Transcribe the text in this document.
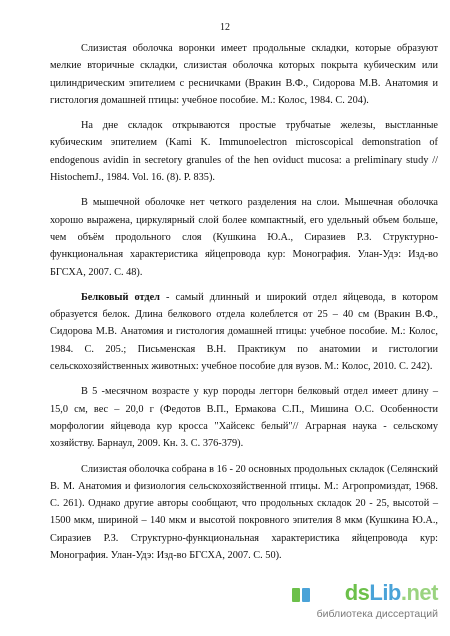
12

Слизистая оболочка воронки имеет продольные складки, которые образуют мелкие вторичные складки, слизистая оболочка которых покрыта кубическим или цилиндрическим эпителием с ресничками (Вракин В.Ф., Сидорова М.В. Анатомия и гистология домашней птицы: учебное пособие. М.: Колос, 1984. С. 204).

На дне складок открываются простые трубчатые железы, выстланные кубическим эпителием (Kami K. Immunoelectron microscopical demonstration of endogenous avidin in secretory granules of the hen oviduct mucosa: a preliminary study // HistochemJ., 1984. Vol. 16. (8). P. 835).

В мышечной оболочке нет четкого разделения на слои. Мышечная оболочка хорошо выражена, циркулярный слой более компактный, его удельный объем больше, чем объём продольного слоя (Кушкина Ю.А., Сиразиев Р.З. Структурно-функциональная характеристика яйцепровода кур: Монография. Улан-Удэ: Изд-во БГСХА, 2007. С. 48).

Белковый отдел - самый длинный и широкий отдел яйцевода, в котором образуется белок. Длина белкового отдела колеблется от 25 – 40 см (Вракин В.Ф., Сидорова М.В. Анатомия и гистология домашней птицы: учебное пособие. М.: Колос, 1984. С. 205.; Письменская В.Н. Практикум по анатомии и гистологии сельскохозяйственных животных: учебное пособие для вузов. М.: Колос, 2010. С. 242).

В 5 -месячном возрасте у кур породы леггорн белковый отдел имеет длину – 15,0 см, вес – 20,0 г (Федотов В.П., Ермакова С.П., Мишина О.С. Особенности морфологии яйцевода кур кросса "Хайсекс белый"// Аграрная наука - сельскому хозяйству. Барнаул, 2009. Кн. 3. С. 376-379).

Слизистая оболочка собрана в 16 - 20 основных продольных складок (Селянский В. М. Анатомия и физиология сельскохозяйственной птицы. М.: Агропромиздат, 1968. С. 261). Однако другие авторы сообщают, что продольных складок 20 - 25, высотой – 1500 мкм, шириной – 140 мкм и высотой покровного эпителия 8 мкм (Кушкина Ю.А., Сиразиев Р.З. Структурно-функциональная характеристика яйцепровода кур: Монография. Улан-Удэ: Изд-во БГСХА, 2007. С. 50).

dsLib.net
библиотека диссертаций
